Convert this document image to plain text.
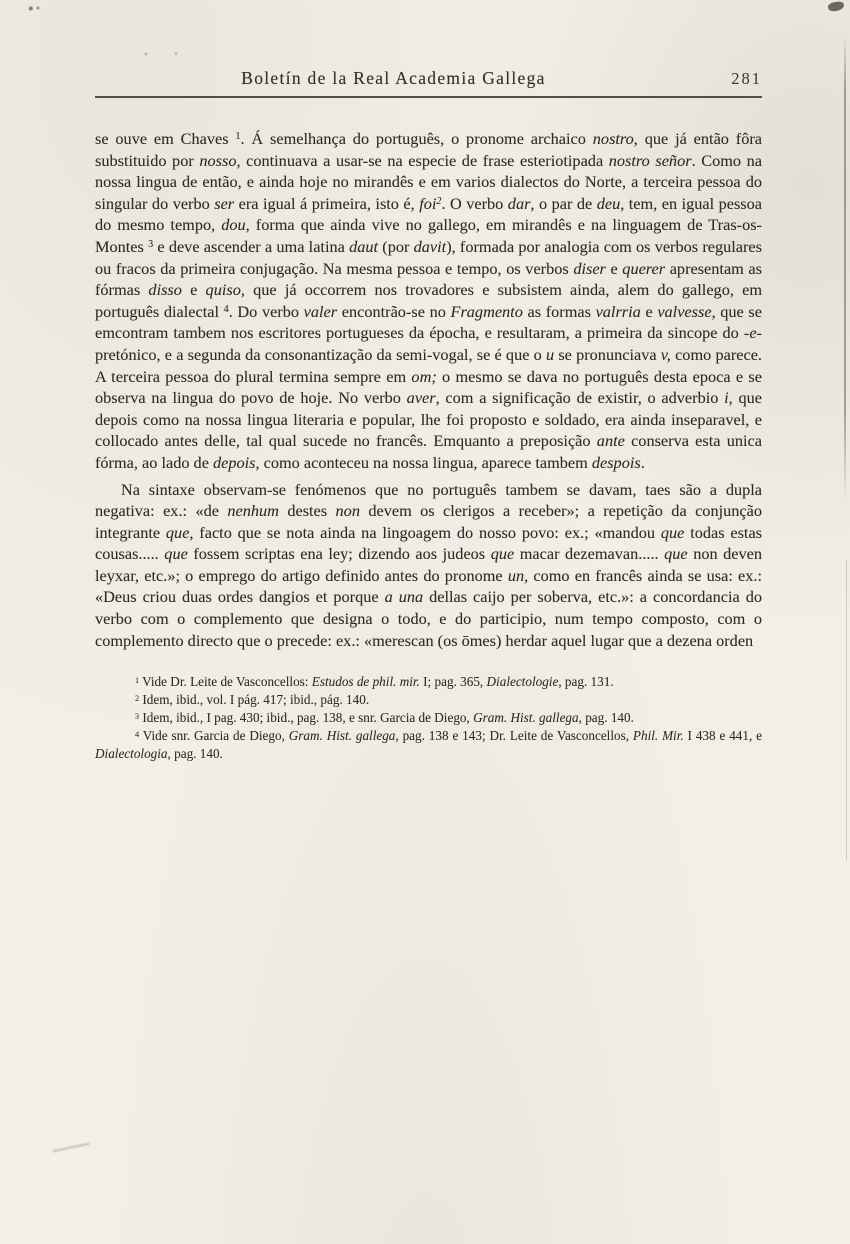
Boletín de la Real Academia Gallega	281

se ouve em Chaves $^1$. Á semelhança do português, o pronome archaico nostro, que já então fôra substituido por nosso, continuava a usar-se na especie de frase esteriotipada nostro señor. Como na nossa lingua de então, e ainda hoje no mirandês e em varios dialectos do Norte, a terceira pessoa do singular do verbo ser era igual á primeira, isto é, foi$^2$. O verbo dar, o par de deu, tem, en igual pessoa do mesmo tempo, dou, forma que ainda vive no gallego, em mirandês e na linguagem de Tras-os-Montes $^3$ e deve ascender a uma latina daut (por davit), formada por analogia com os verbos regulares ou fracos da primeira conjugação. Na mesma pessoa e tempo, os verbos diser e querer apresentam as fórmas disso e quiso, que já occorrem nos trovadores e subsistem ainda, alem do gallego, em português dialectal $^4$. Do verbo valer encontrão-se no Fragmento as formas valrria e valvesse, que se emcontram tambem nos escritores portugueses da épocha, e resultaram, a primeira da sincope do -e- pretónico, e a segunda da consonantização da semi-vogal, se é que o u se pronunciava v, como parece. A terceira pessoa do plural termina sempre em om; o mesmo se dava no português desta epoca e se observa na lingua do povo de hoje. No verbo aver, com a significação de existir, o adverbio i, que depois como na nossa lingua literaria e popular, lhe foi proposto e soldado, era ainda inseparavel, e collocado antes delle, tal qual sucede no francês. Emquanto a preposição ante conserva esta unica fórma, ao lado de depois, como aconteceu na nossa lingua, aparece tambem despois.

Na sintaxe observam-se fenómenos que no português tambem se davam, taes são a dupla negativa: ex.: «de nenhum destes non devem os clerigos a receber»; a repetição da conjunção integrante que, facto que se nota ainda na lingoagem do nosso povo: ex.; «mandou que todas estas cousas..... que fossem scriptas ena ley; dizendo aos judeos que macar dezemavan..... que non deven leyxar, etc.»; o emprego do artigo definido antes do pronome un, como en francês ainda se usa: ex.: «Deus criou duas ordes dangios et porque a una dellas caijo per soberva, etc.»: a concordancia do verbo com o complemento que designa o todo, e do participio, num tempo composto, com o complemento directo que o precede: ex.: «merescan (os ōmes) herdar aquel lugar que a dezena orden

$^1$ Vide Dr. Leite de Vasconcellos: Estudos de phil. mir. I; pag. 365, Dialectologie, pag. 131.

$^2$ Idem, ibid., vol. I pág. 417; ibid., pág. 140.

$^3$ Idem, ibid., I pag. 430; ibid., pag. 138, e snr. Garcia de Diego, Gram. Hist. gallega, pag. 140.

$^4$ Vide snr. Garcia de Diego, Gram. Hist. gallega, pag. 138 e 143; Dr. Leite de Vasconcellos, Phil. Mir. I 438 e 441, e Dialectologia, pag. 140.
